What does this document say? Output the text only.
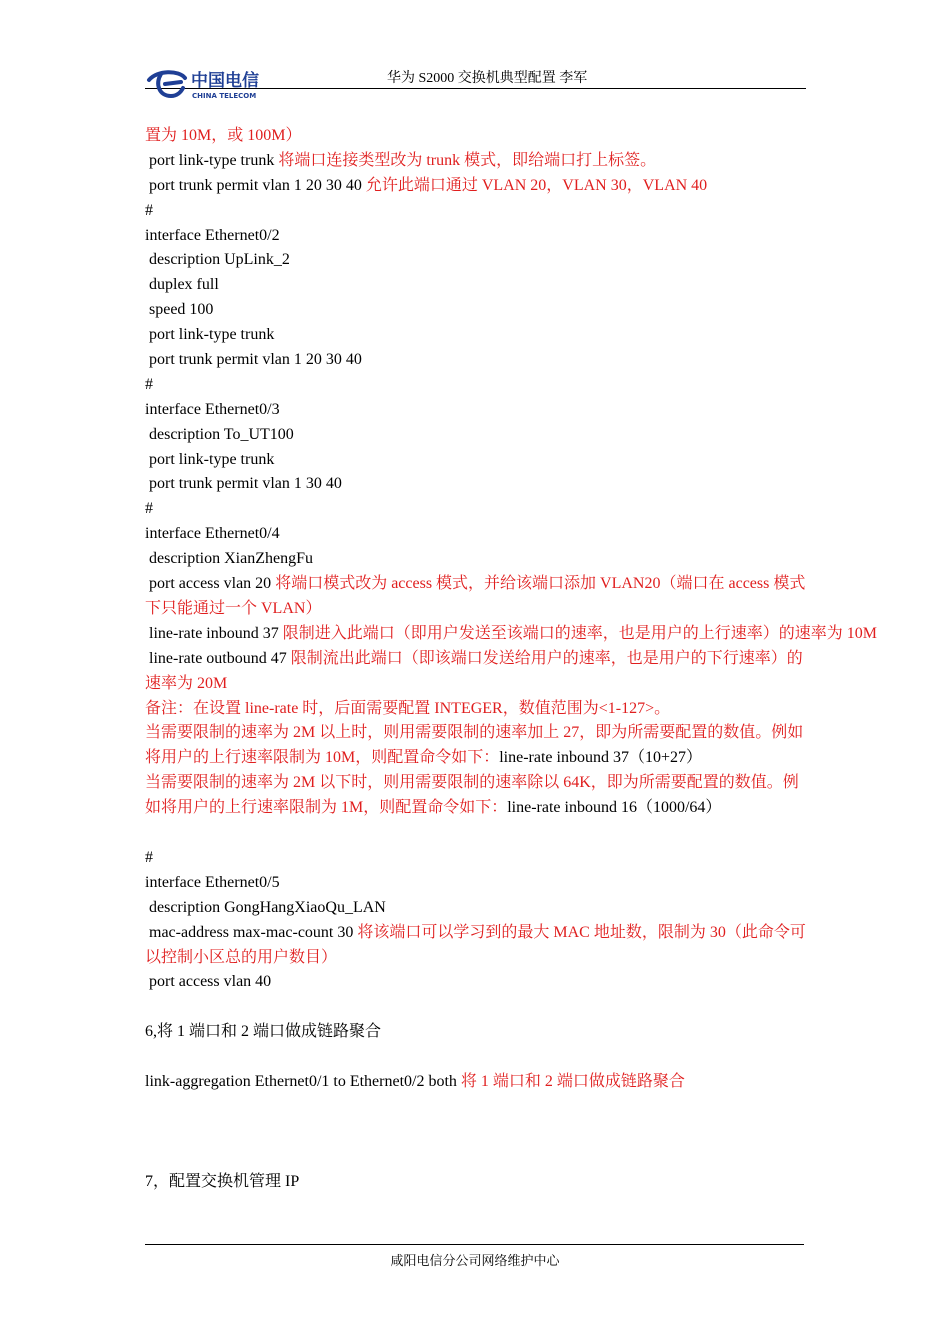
中国电信
CHINA TELECOM
华为 S2000 交换机典型配置 李军
置为 10M，或 100M）
port link-type trunk 将端口连接类型改为 trunk 模式，即给端口打上标签。
port trunk permit vlan 1 20 30 40 允许此端口通过 VLAN 20，VLAN 30，VLAN 40
#
interface Ethernet0/2
description UpLink_2
duplex full
speed 100
port link-type trunk
port trunk permit vlan 1 20 30 40
#
interface Ethernet0/3
description To_UT100
port link-type trunk
port trunk permit vlan 1 30 40
#
interface Ethernet0/4
description XianZhengFu
port access vlan 20 将端口模式改为 access 模式，并给该端口添加 VLAN20（端口在 access 模式下只能通过一个 VLAN）
line-rate inbound 37 限制进入此端口（即用户发送至该端口的速率，也是用户的上行速率）的速率为 10M
line-rate outbound 47 限制流出此端口（即该端口发送给用户的速率，也是用户的下行速率）的速率为 20M
备注：在设置 line-rate 时，后面需要配置 INTEGER，数值范围为<1-127>。
当需要限制的速率为 2M 以上时，则用需要限制的速率加上 27，即为所需要配置的数值。例如将用户的上行速率限制为 10M，则配置命令如下：line-rate inbound 37（10+27）
当需要限制的速率为 2M 以下时，则用需要限制的速率除以 64K，即为所需要配置的数值。例如将用户的上行速率限制为 1M，则配置命令如下：line-rate inbound 16（1000/64）
#
interface Ethernet0/5
description GongHangXiaoQu_LAN
mac-address max-mac-count 30 将该端口可以学习到的最大 MAC 地址数，限制为 30（此命令可以控制小区总的用户数目）
port access vlan 40
6,将 1 端口和 2 端口做成链路聚合
link-aggregation Ethernet0/1 to Ethernet0/2 both 将 1 端口和 2 端口做成链路聚合
7，配置交换机管理 IP
咸阳电信分公司网络维护中心
